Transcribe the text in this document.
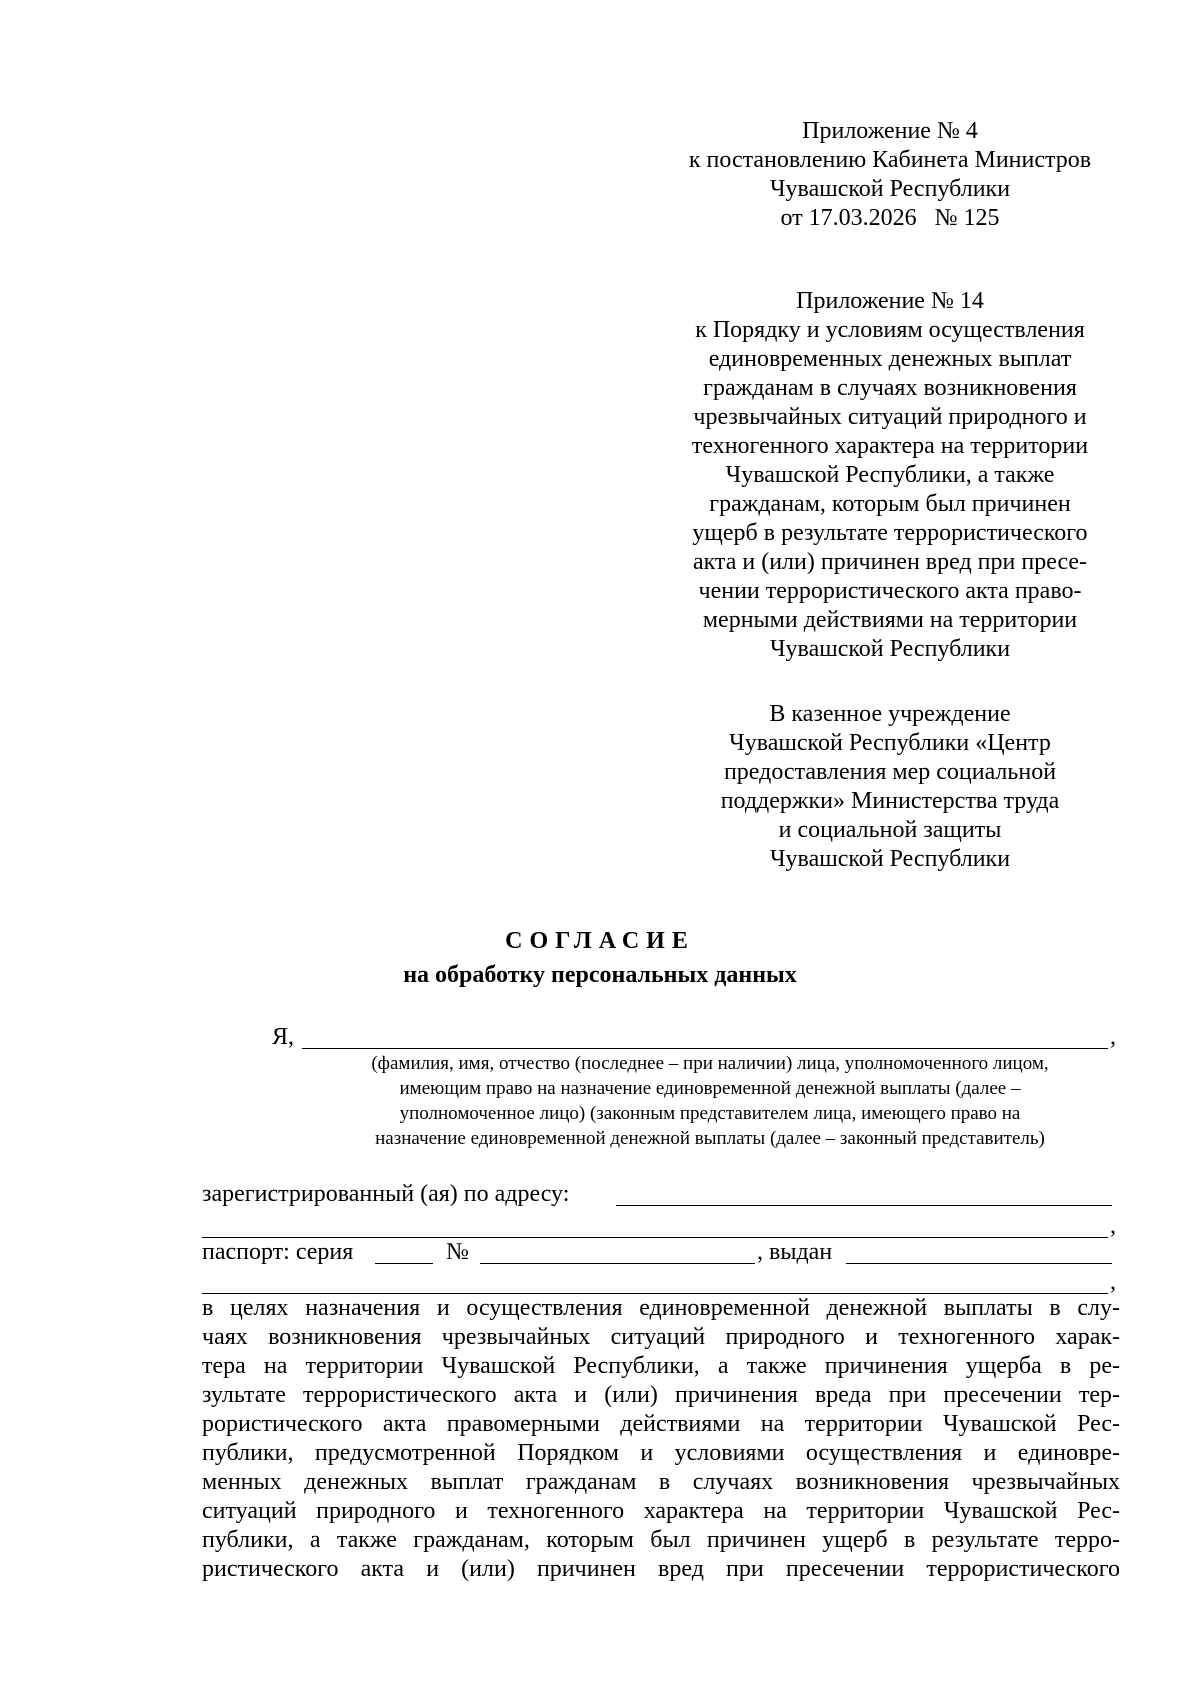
Приложение № 4
к постановлению Кабинета Министров
Чувашской Республики
от 17.03.2026   № 125
Приложение № 14
к Порядку и условиям осуществления
единовременных денежных выплат
гражданам в случаях возникновения
чрезвычайных ситуаций природного и
техногенного характера на территории
Чувашской Республики, а также
гражданам, которым был причинен
ущерб в результате террористического
акта и (или) причинен вред при пресе-
чении террористического акта право-
мерными действиями на территории
Чувашской Республики
В казенное учреждение
Чувашской Республики «Центр
предоставления мер социальной
поддержки» Министерства труда
и социальной защиты
Чувашской Республики
СОГЛАСИЕ
на обработку персональных данных
Я,	,
(фамилия, имя, отчество (последнее – при наличии) лица, уполномоченного лицом,
имеющим право на назначение единовременной денежной выплаты (далее –
уполномоченное лицо) (законным представителем лица, имеющего право на
назначение единовременной денежной выплаты (далее – законный представитель)
зарегистрированный (ая) по адресу:
,
паспорт: серия	№	, выдан
,
в целях назначения и осуществления единовременной денежной выплаты в слу-
чаях возникновения чрезвычайных ситуаций природного и техногенного харак-
тера на территории Чувашской Республики, а также причинения ущерба в ре-
зультате террористического акта и (или) причинения вреда при пресечении тер-
рористического акта правомерными действиями на территории Чувашской Рес-
публики, предусмотренной Порядком и условиями осуществления и единовре-
менных денежных выплат гражданам в случаях возникновения чрезвычайных
ситуаций природного и техногенного характера на территории Чувашской Рес-
публики, а также гражданам, которым был причинен ущерб в результате терро-
ристического акта и (или) причинен вред при пресечении террористического
